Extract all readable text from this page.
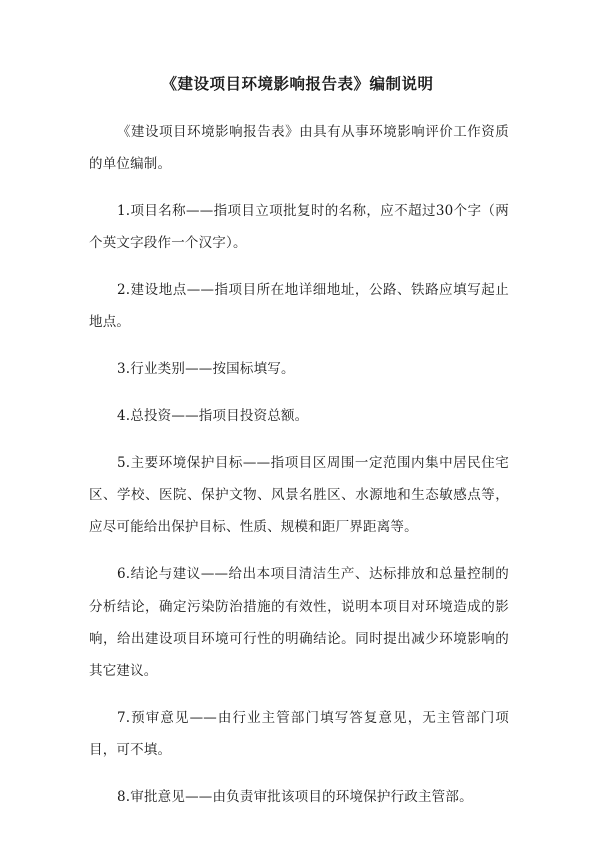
《建设项目环境影响报告表》编制说明

《建设项目环境影响报告表》由具有从事环境影响评价工作资质的单位编制。

1.项目名称——指项目立项批复时的名称，应不超过30个字（两个英文字段作一个汉字）。

2.建设地点——指项目所在地详细地址，公路、铁路应填写起止地点。

3.行业类别——按国标填写。

4.总投资——指项目投资总额。

5.主要环境保护目标——指项目区周围一定范围内集中居民住宅区、学校、医院、保护文物、风景名胜区、水源地和生态敏感点等，应尽可能给出保护目标、性质、规模和距厂界距离等。

6.结论与建议——给出本项目清洁生产、达标排放和总量控制的分析结论，确定污染防治措施的有效性，说明本项目对环境造成的影响，给出建设项目环境可行性的明确结论。同时提出减少环境影响的其它建议。

7.预审意见——由行业主管部门填写答复意见，无主管部门项目，可不填。

8.审批意见——由负责审批该项目的环境保护行政主管部。
